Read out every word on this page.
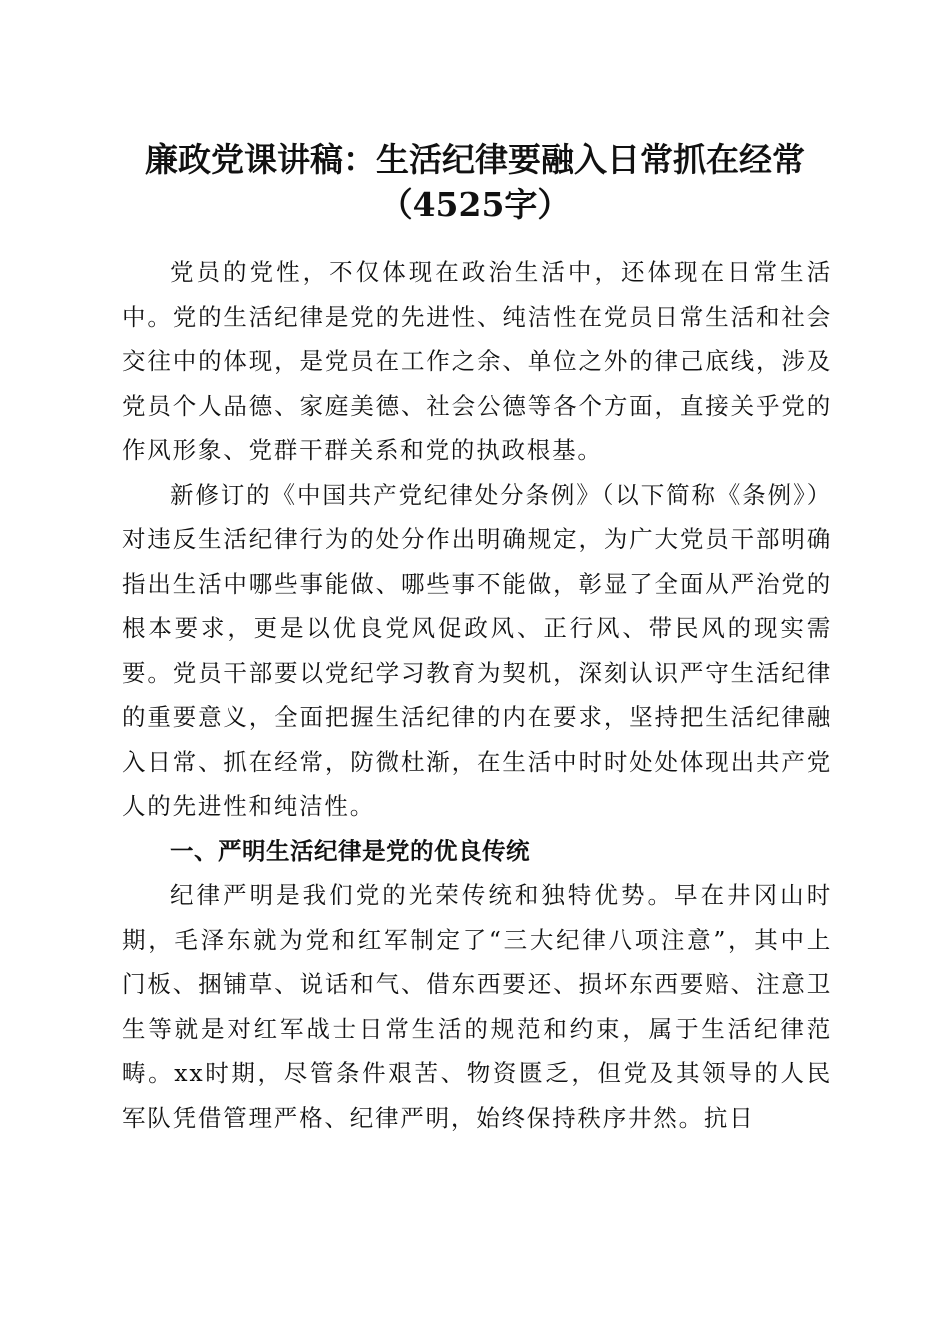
廉政党课讲稿：生活纪律要融入日常抓在经常
（4525字）

党员的党性，不仅体现在政治生活中，还体现在日常生活中。党的生活纪律是党的先进性、纯洁性在党员日常生活和社会交往中的体现，是党员在工作之余、单位之外的律己底线，涉及党员个人品德、家庭美德、社会公德等各个方面，直接关乎党的作风形象、党群干群关系和党的执政根基。

新修订的《中国共产党纪律处分条例》（以下简称《条例》）对违反生活纪律行为的处分作出明确规定，为广大党员干部明确指出生活中哪些事能做、哪些事不能做，彰显了全面从严治党的根本要求，更是以优良党风促政风、正行风、带民风的现实需要。党员干部要以党纪学习教育为契机，深刻认识严守生活纪律的重要意义，全面把握生活纪律的内在要求，坚持把生活纪律融入日常、抓在经常，防微杜渐，在生活中时时处处体现出共产党人的先进性和纯洁性。

一、严明生活纪律是党的优良传统

纪律严明是我们党的光荣传统和独特优势。早在井冈山时期，毛泽东就为党和红军制定了“三大纪律八项注意”，其中上门板、捆铺草、说话和气、借东西要还、损坏东西要赔、注意卫生等就是对红军战士日常生活的规范和约束，属于生活纪律范畴。xx时期，尽管条件艰苦、物资匮乏，但党及其领导的人民军队凭借管理严格、纪律严明，始终保持秩序井然。抗日
